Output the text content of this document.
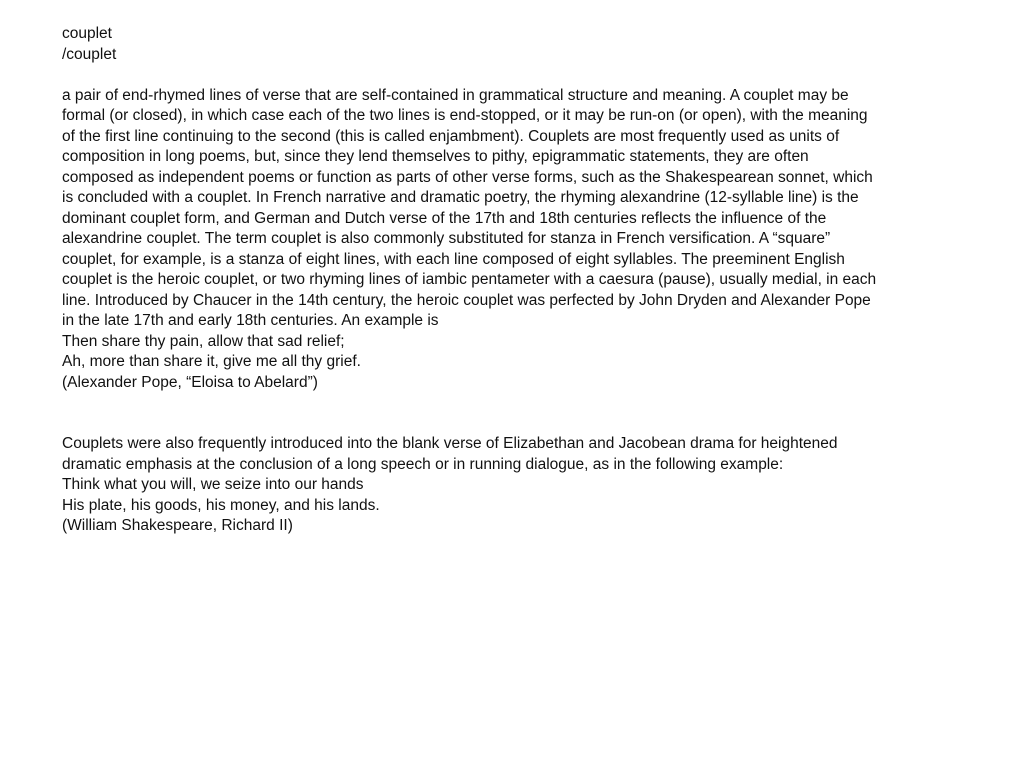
couplet
/couplet
a pair of end-rhymed lines of verse that are self-contained in grammatical structure and meaning. A couplet may be
formal (or closed), in which case each of the two lines is end-stopped, or it may be run-on (or open), with the meaning
of the first line continuing to the second (this is called enjambment). Couplets are most frequently used as units of
composition in long poems, but, since they lend themselves to pithy, epigrammatic statements, they are often
composed as independent poems or function as parts of other verse forms, such as the Shakespearean sonnet, which
is concluded with a couplet. In French narrative and dramatic poetry, the rhyming alexandrine (12-syllable line) is the
dominant couplet form, and German and Dutch verse of the 17th and 18th centuries reflects the influence of the
alexandrine couplet. The term couplet is also commonly substituted for stanza in French versification. A “square”
couplet, for example, is a stanza of eight lines, with each line composed of eight syllables. The preeminent English
couplet is the heroic couplet, or two rhyming lines of iambic pentameter with a caesura (pause), usually medial, in each
line. Introduced by Chaucer in the 14th century, the heroic couplet was perfected by John Dryden and Alexander Pope
in the late 17th and early 18th centuries. An example is
Then share thy pain, allow that sad relief;
Ah, more than share it, give me all thy grief.
(Alexander Pope, “Eloisa to Abelard”)
Couplets were also frequently introduced into the blank verse of Elizabethan and Jacobean drama for heightened
dramatic emphasis at the conclusion of a long speech or in running dialogue, as in the following example:
Think what you will, we seize into our hands
His plate, his goods, his money, and his lands.
(William Shakespeare, Richard II)
